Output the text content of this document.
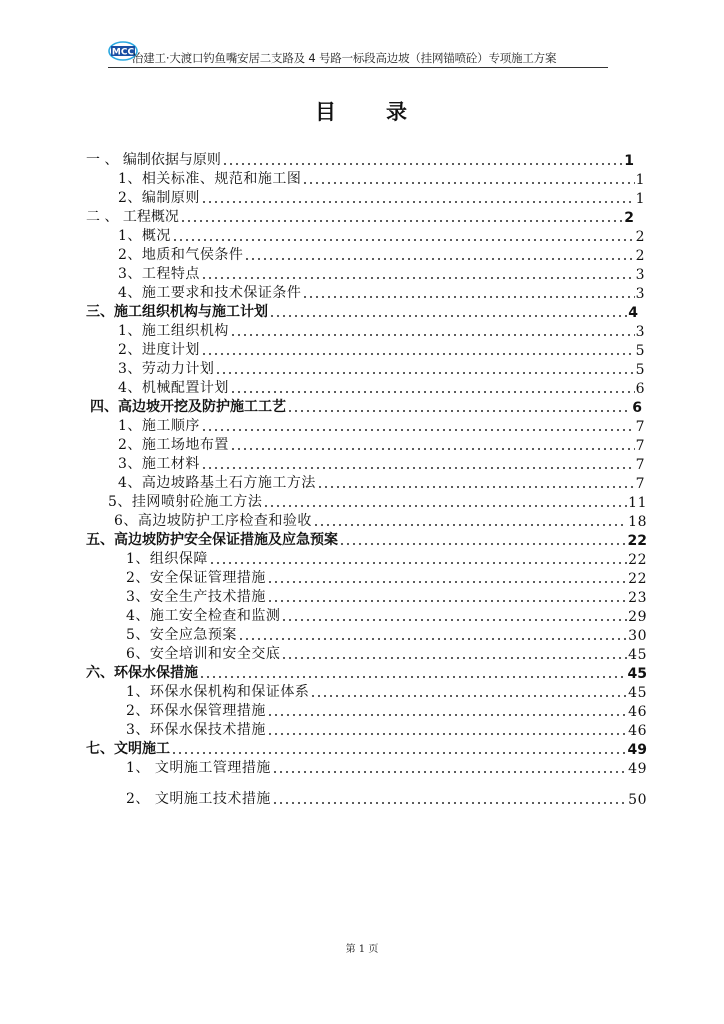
MCC
冶建工·大渡口钓鱼嘴安居二支路及 4 号路一标段高边坡（挂网锚喷砼）专项施工方案
目 录
一 、 编制依据与原则	1
1、相关标准、规范和施工图	1
2、编制原则	1
二 、 工程概况	2
1、概况	2
2、地质和气侯条件	2
3、工程特点	3
4、施工要求和技术保证条件	3
三、施工组织机构与施工计划	4
1、施工组织机构	3
2、进度计划	5
3、劳动力计划	5
4、机械配置计划	6
四、高边坡开挖及防护施工工艺	6
1、施工顺序	7
2、施工场地布置	7
3、施工材料	7
4、高边坡路基土石方施工方法	7
5、挂网喷射砼施工方法	11
6、高边坡防护工序检查和验收	18
五、高边坡防护安全保证措施及应急预案	22
1、组织保障	22
2、安全保证管理措施	22
3、安全生产技术措施	23
4、施工安全检查和监测	29
5、安全应急预案	30
6、安全培训和安全交底	45
六、环保水保措施	45
1、环保水保机构和保证体系	45
2、环保水保管理措施	46
3、环保水保技术措施	46
七、文明施工	49
1、 文明施工管理措施	49
2、 文明施工技术措施	50
第 1 页
